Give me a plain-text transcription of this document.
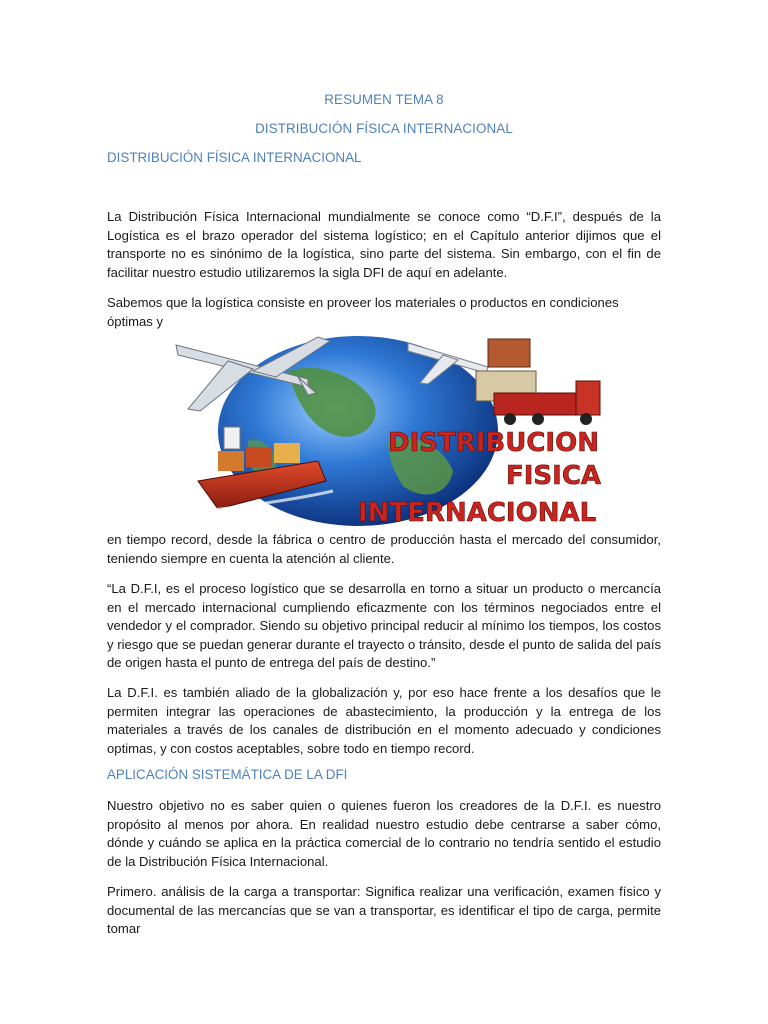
RESUMEN TEMA 8
DISTRIBUCIÓN FÍSICA INTERNACIONAL
DISTRIBUCIÓN FÍSICA INTERNACIONAL

La Distribución Física Internacional mundialmente se conoce como “D.F.I”, después de la Logística es el brazo operador del sistema logístico; en el Capítulo anterior dijimos que el transporte no es sinónimo de la logística, sino parte del sistema. Sin embargo, con el fin de facilitar nuestro estudio utilizaremos la sigla DFI de aquí en adelante.

Sabemos que la logística consiste en proveer los materiales o productos en condiciones óptimas y

DISTRIBUCION
FISICA
INTERNACIONAL

en tiempo record, desde la fábrica o centro de producción hasta el mercado del consumidor, teniendo siempre en cuenta la atención al cliente.

“La D.F.I, es el proceso logístico que se desarrolla en torno a situar un producto o mercancía en el mercado internacional cumpliendo eficazmente con los términos negociados entre el vendedor y el comprador. Siendo su objetivo principal reducir al mínimo los tiempos, los costos y riesgo que se puedan generar durante el trayecto o tránsito, desde el punto de salida del país de origen hasta el punto de entrega del país de destino.”

La D.F.I. es también aliado de la globalización y, por eso hace frente a los desafíos que le permiten integrar las operaciones de abastecimiento, la producción y la entrega de los materiales a través de los canales de distribución en el momento adecuado y condiciones optimas, y con costos aceptables, sobre todo en tiempo record.

APLICACIÓN SISTEMÁTICA DE LA DFI

Nuestro objetivo no es saber quien o quienes fueron los creadores de la D.F.I. es nuestro propósito al menos por ahora. En realidad nuestro estudio debe centrarse a saber cómo, dónde y cuándo se aplica en la práctica comercial de lo contrario no tendría sentido el estudio de la Distribución Física Internacional.

Primero. análisis de la carga a transportar: Significa realizar una verificación, examen físico y documental de las mercancías que se van a transportar, es identificar el tipo de carga, permite tomar
